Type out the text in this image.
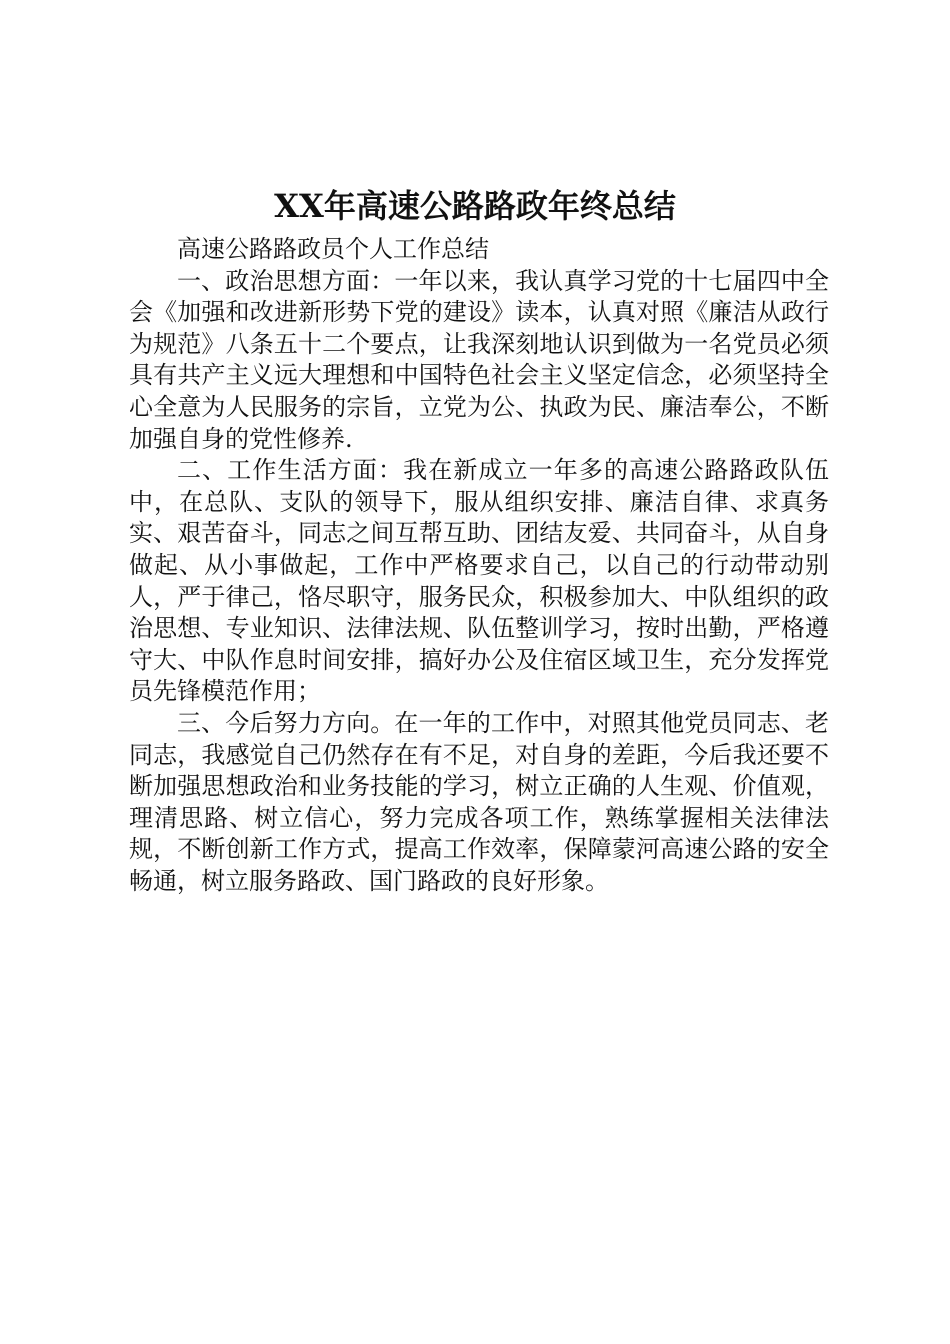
XX年高速公路路政年终总结

高速公路路政员个人工作总结

一、政治思想方面：一年以来，我认真学习党的十七届四中全会《加强和改进新形势下党的建设》读本，认真对照《廉洁从政行为规范》八条五十二个要点，让我深刻地认识到做为一名党员必须具有共产主义远大理想和中国特色社会主义坚定信念，必须坚持全心全意为人民服务的宗旨，立党为公、执政为民、廉洁奉公，不断加强自身的党性修养.

二、工作生活方面：我在新成立一年多的高速公路路政队伍中，在总队、支队的领导下，服从组织安排、廉洁自律、求真务实、艰苦奋斗，同志之间互帮互助、团结友爱、共同奋斗，从自身做起、从小事做起，工作中严格要求自己，以自己的行动带动别人，严于律己，恪尽职守，服务民众，积极参加大、中队组织的政治思想、专业知识、法律法规、队伍整训学习，按时出勤，严格遵守大、中队作息时间安排，搞好办公及住宿区域卫生，充分发挥党员先锋模范作用；

三、今后努力方向。在一年的工作中，对照其他党员同志、老同志，我感觉自己仍然存在有不足，对自身的差距，今后我还要不断加强思想政治和业务技能的学习，树立正确的人生观、价值观，理清思路、树立信心，努力完成各项工作，熟练掌握相关法律法规，不断创新工作方式，提高工作效率，保障蒙河高速公路的安全畅通，树立服务路政、国门路政的良好形象。
